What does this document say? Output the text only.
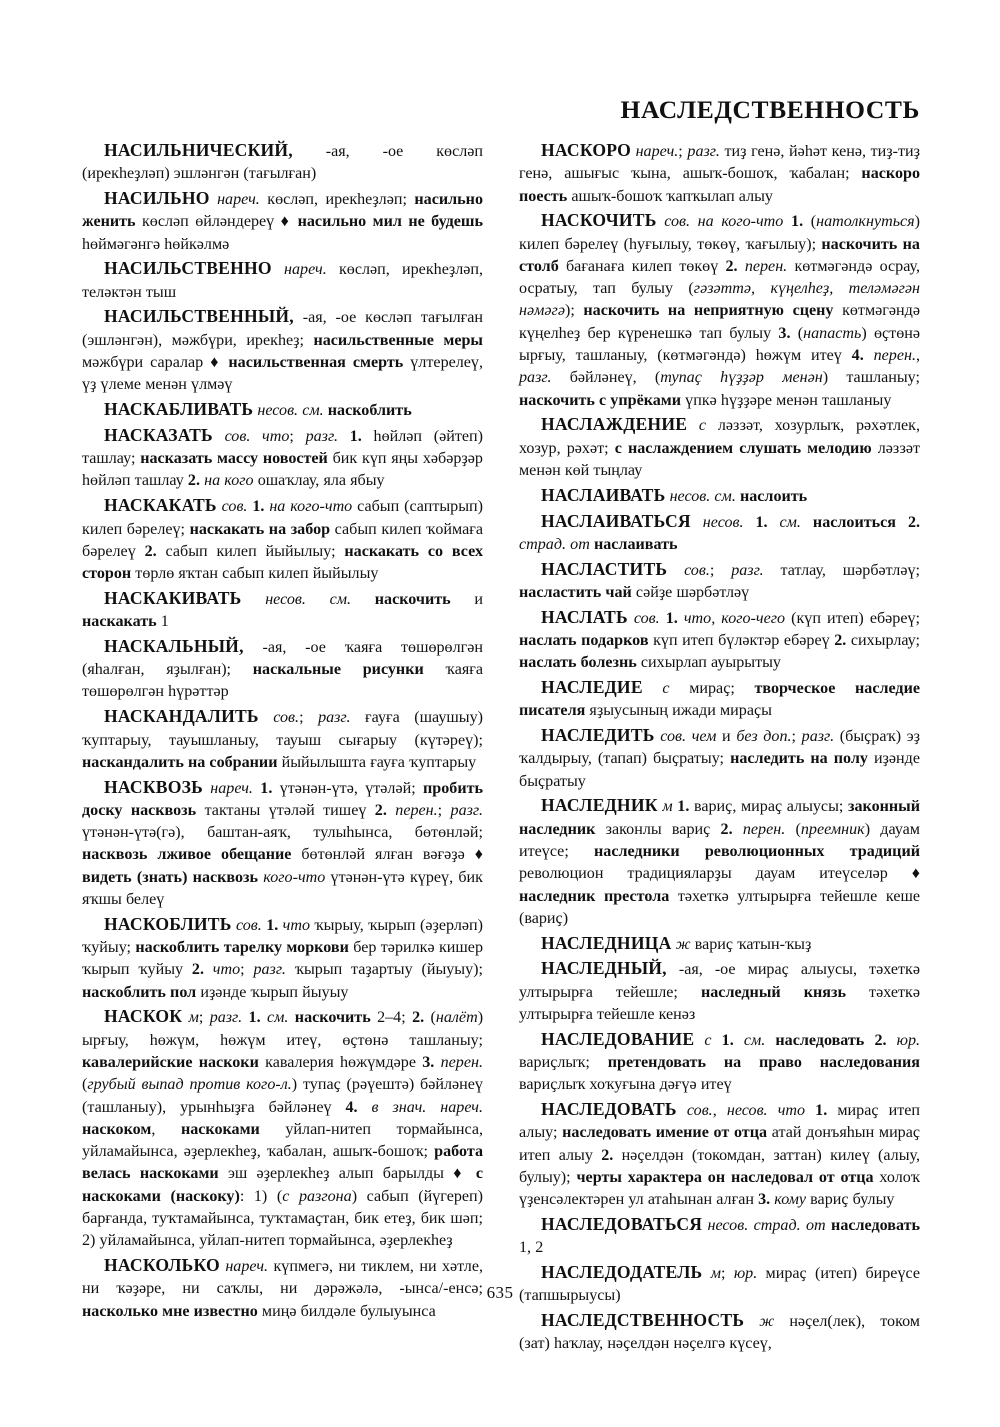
НАСЛЕДСТВЕННОСТЬ

НАСИЛЬНИЧЕСКИЙ, -ая, -ое көсләп (ирекһеҙләп) эшләнгән (тағылған)

НАСИЛЬНО нареч. көсләп, ирекһеҙләп; насильно женить көсләп өйләндереү ♦ насильно мил не будешь һөймәгәнгә һөйкәлмә

НАСИЛЬСТВЕННО нареч. көсләп, ирекһеҙләп, теләктән тыш

НАСИЛЬСТВЕННЫЙ, -ая, -ое көсләп тағылған (эшләнгән), мәжбүри, ирекһеҙ; насильственные меры мәжбүри саралар ♦ насильственная смерть үлтерелеү, үҙ үлеме менән үлмәү

НАСКАБЛИВАТЬ несов. см. наскоблить

НАСКАЗАТЬ сов. что; разг. 1. һөйләп (әйтеп) ташлау; насказать массу новостей бик күп яңы хәбәрҙәр һөйләп ташлау 2. на кого ошаҡлау, яла ябыу

НАСКАКАТЬ сов. 1. на кого-что сабып (саптырып) килеп бәрелеү; наскакать на забор сабып килеп ҡоймаға бәрелеү 2. сабып килеп йыйылыу; наскакать со всех сторон төрлө яҡтан сабып килеп йыйылыу

НАСКАКИВАТЬ несов. см. наскочить и наскакать 1

НАСКАЛЬНЫЙ, -ая, -ое ҡаяға төшөрөлгән (яһалған, яҙылған); наскальные рисунки ҡаяға төшөрөлгән һүрәттәр

НАСКАНДАЛИТЬ сов.; разг. ғауға (шаушыу) ҡуптарыу, тауышланыу, тауыш сығарыу (күтәреү); наскандалить на собрании йыйылышта ғауға ҡуптарыу

НАСКВОЗЬ нареч. 1. үтәнән-үтә, үтәләй; пробить доску насквозь тактаны үтәләй тишеү 2. перен.; разг. үтәнән-үтә(гә), баштан-аяҡ, тулыһынса, бөтөнләй; насквозь лживое обещание бөтөнләй ялған вәғәҙә ♦ видеть (знать) насквозь кого-что үтәнән-үтә күреү, бик яҡшы белеү

НАСКОБЛИТЬ сов. 1. что ҡырыу, ҡырып (әҙерләп) ҡуйыу; наскоблить тарелку моркови бер тәрилкә кишер ҡырып ҡуйыу 2. что; разг. ҡырып таҙартыу (йыуыу); наскоблить пол иҙәнде ҡырып йыуыу

НАСКОК м; разг. 1. см. наскочить 2–4; 2. (налёт) ырғыу, һөжүм, һөжүм итеү, өҫтөнә ташланыу; кавалерийские наскоки кавалерия һөжүмдәре 3. перен. (грубый выпад против кого-л.) тупаҫ (рәүештә) бәйләнеү (ташланыу), урынһыҙға бәйләнеү 4. в знач. нареч. наскоком, наскоками уйлап-нитеп тормайынса, уйламайынса, әҙерлекһеҙ, ҡабалан, ашыҡ-бошоҡ; работа велась наскоками эш әҙерлекһеҙ алып барылды ♦ с наскоками (наскоку): 1) (с разгона) сабып (йүгереп) барғанда, туҡтамайынса, туҡтамаҫтан, бик етеҙ, бик шәп; 2) уйламайынса, уйлап-нитеп тормайынса, әҙерлекһеҙ

НАСКОЛЬКО нареч. күпмегә, ни тиклем, ни хәтле, ни ҡәҙәре, ни саҡлы, ни дәрәжәлә, -ынса/-енсә; насколько мне известно миңә билдәле булыуынса

НАСКОРО нареч.; разг. тиҙ генә, йәһәт кенә, тиҙ-тиҙ генә, ашығыс ҡына, ашыҡ-бошоҡ, ҡабалан; наскоро поесть ашыҡ-бошоҡ ҡапҡылап алыу

НАСКОЧИТЬ сов. на кого-что 1. (натолкнуться) килеп бәрелеү (һуғылыу, төкөү, ҡағылыу); наскочить на столб бағанаға килеп төкөү 2. перен. көтмәгәндә осрау, осратыу, тап булыу (гәзәттә, күңелһеҙ, теләмәгән нәмәгә); наскочить на неприятную сцену көтмәгәндә күңелһеҙ бер күренешкә тап булыу 3. (напасть) өҫтөнә ырғыу, ташланыу, (көтмәгәндә) һөжүм итеү 4. перен., разг. бәйләнеү, (тупаҫ һүҙҙәр менән) ташланыу; наскочить с упрёками үпкә һүҙҙәре менән ташланыу

НАСЛАЖДЕНИЕ с ләззәт, хозурлыҡ, рәхәтлек, хозур, рәхәт; с наслаждением слушать мелодию ләззәт менән көй тыңлау

НАСЛАИВАТЬ несов. см. наслоить

НАСЛАИВАТЬСЯ несов. 1. см. наслоиться 2. страд. от наслаивать

НАСЛАСТИТЬ сов.; разг. татлау, шәрбәтләү; насластить чай сәйҙе шәрбәтләү

НАСЛАТЬ сов. 1. что, кого-чего (күп итеп) ебәреү; наслать подарков күп итеп бүләктәр ебәреү 2. сихырлау; наслать болезнь сихырлап ауырытыу

НАСЛЕДИЕ с мираҫ; творческое наследие писателя яҙыусының ижади мираҫы

НАСЛЕДИТЬ сов. чем и без доп.; разг. (быҫраҡ) эҙ ҡалдырыу, (тапап) быҫратыу; наследить на полу иҙәнде быҫратыу

НАСЛЕДНИК м 1. вариҫ, мираҫ алыусы; законный наследник законлы вариҫ 2. перен. (преемник) дауам итеүсе; наследники революционных традиций революцион традицияларҙы дауам итеүселәр ♦ наследник престола тәхеткә ултырырға тейешле кеше (вариҫ)

НАСЛЕДНИЦА ж вариҫ ҡатын-ҡыҙ

НАСЛЕДНЫЙ, -ая, -ое мираҫ алыусы, тәхеткә ултырырға тейешле; наследный князь тәхеткә ултырырға тейешле кенәз

НАСЛЕДОВАНИЕ с 1. см. наследовать 2. юр. вариҫлыҡ; претендовать на право наследования вариҫлыҡ хоҡуғына дәғүә итеү

НАСЛЕДОВАТЬ сов., несов. что 1. мираҫ итеп алыу; наследовать имение от отца атай донъяһын мираҫ итеп алыу 2. нәҫелдән (токомдан, заттан) килеү (алыу, булыу); черты характера он наследовал от отца холоҡ үҙенсәлектәрен ул атаһынан алған 3. кому вариҫ булыу

НАСЛЕДОВАТЬСЯ несов. страд. от наследовать 1, 2

НАСЛЕДОДАТЕЛЬ м; юр. мираҫ (итеп) биреүсе (тапшырыусы)

НАСЛЕДСТВЕННОСТЬ ж нәҫел(лек), током (зат) һаҡлау, нәҫелдән нәҫелгә күсеү,

635
